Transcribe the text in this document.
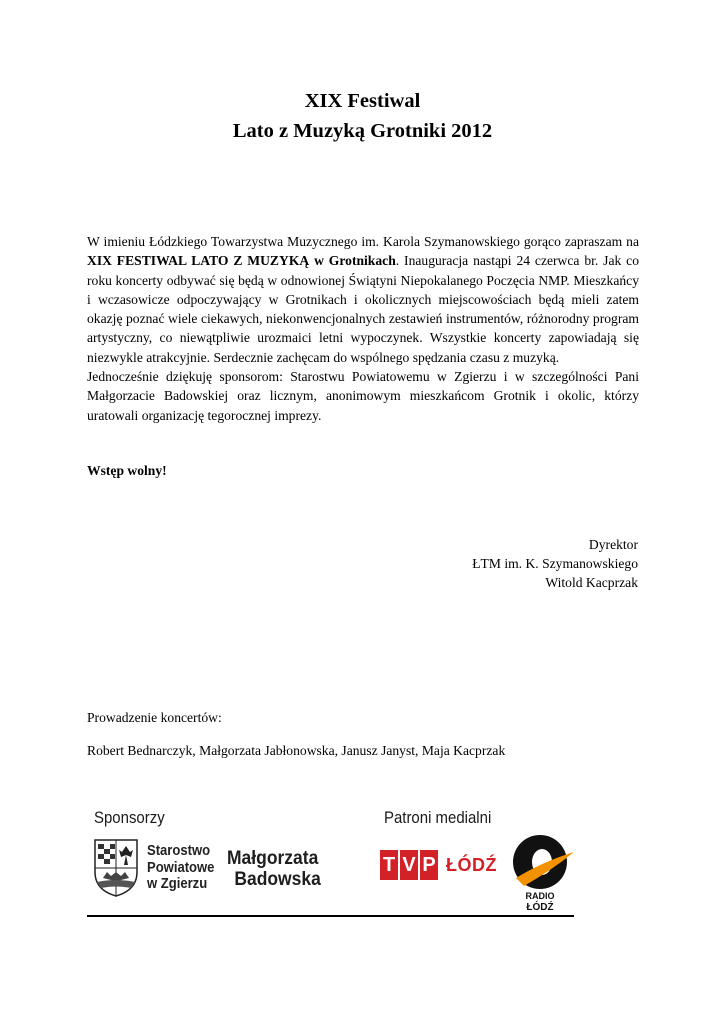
XIX Festiwal
Lato z Muzyką Grotniki 2012

W imieniu Łódzkiego Towarzystwa Muzycznego im. Karola Szymanowskiego gorąco zapraszam na XIX FESTIWAL LATO Z MUZYKĄ w Grotnikach. Inauguracja nastąpi 24 czerwca br. Jak co roku koncerty odbywać się będą w odnowionej Świątyni Niepokalanego Poczęcia NMP. Mieszkańcy i wczasowicze odpoczywający w Grotnikach i okolicznych miejscowościach będą mieli zatem okazję poznać wiele ciekawych, niekonwencjonalnych zestawień instrumentów, różnorodny program artystyczny, co niewątpliwie urozmaici letni wypoczynek. Wszystkie koncerty zapowiadają się niezwykle atrakcyjnie. Serdecznie zachęcam do wspólnego spędzania czasu z muzyką.

Jednocześnie dziękuję sponsorom: Starostwu Powiatowemu w Zgierzu i w szczególności Pani Małgorzacie Badowskiej oraz licznym, anonimowym mieszkańcom Grotnik i okolic, którzy uratowali organizację tegorocznej imprezy.

Wstęp wolny!
Dyrektor
ŁTM im. K. Szymanowskiego
Witold Kacprzak
Prowadzenie koncertów:
Robert Bednarczyk, Małgorzata Jabłonowska, Janusz Janyst, Maja Kacprzak
Sponsorzy	Patroni medialni
Starostwo
Powiatowe
w Zgierzu
Małgorzata
Badowska
T V P ŁÓDŹ
RADIO
ŁÓDŹ
